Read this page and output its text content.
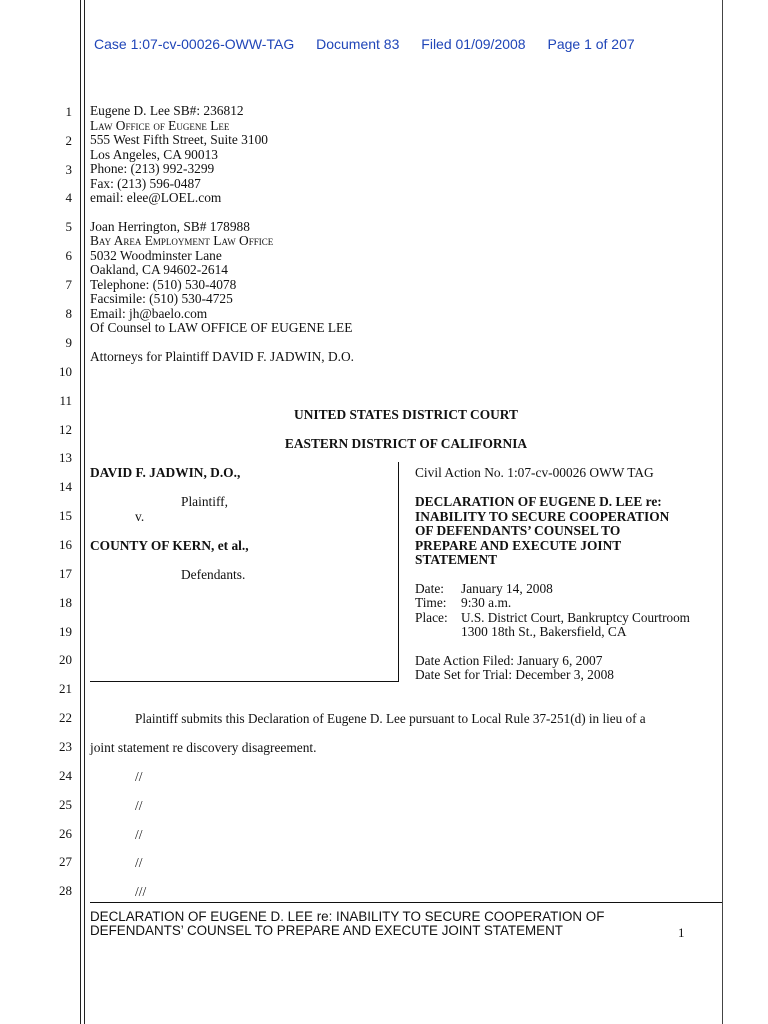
Case 1:07-cv-00026-OWW-TAG Document 83 Filed 01/09/2008 Page 1 of 207
1
2
3
4
5
6
7
8
9
10
11
12
13
14
15
16
17
18
19
20
21
22
23
24
25
26
27
28
Eugene D. Lee SB#: 236812
Law Office of Eugene Lee
555 West Fifth Street, Suite 3100
Los Angeles, CA 90013
Phone: (213) 992-3299
Fax: (213) 596-0487
email: elee@LOEL.com
Joan Herrington, SB# 178988
Bay Area Employment Law Office
5032 Woodminster Lane
Oakland, CA 94602-2614
Telephone: (510) 530-4078
Facsimile: (510) 530-4725
Email: jh@baelo.com
Of Counsel to LAW OFFICE OF EUGENE LEE
Attorneys for Plaintiff DAVID F. JADWIN, D.O.
UNITED STATES DISTRICT COURT
EASTERN DISTRICT OF CALIFORNIA
DAVID F. JADWIN, D.O.,
Plaintiff,
v.
COUNTY OF KERN, et al.,
Defendants.
Civil Action No. 1:07-cv-00026 OWW TAG
DECLARATION OF EUGENE D. LEE re:
INABILITY TO SECURE COOPERATION
OF DEFENDANTS’ COUNSEL TO
PREPARE AND EXECUTE JOINT
STATEMENT
Date: January 14, 2008
Time: 9:30 a.m.
Place: U.S. District Court, Bankruptcy Courtroom
1300 18th St., Bakersfield, CA
Date Action Filed: January 6, 2007
Date Set for Trial: December 3, 2008
Plaintiff submits this Declaration of Eugene D. Lee pursuant to Local Rule 37-251(d) in lieu of a
joint statement re discovery disagreement.
//
//
//
//
///
DECLARATION OF EUGENE D. LEE re: INABILITY TO SECURE COOPERATION OF
DEFENDANTS’ COUNSEL TO PREPARE AND EXECUTE JOINT STATEMENT	1
